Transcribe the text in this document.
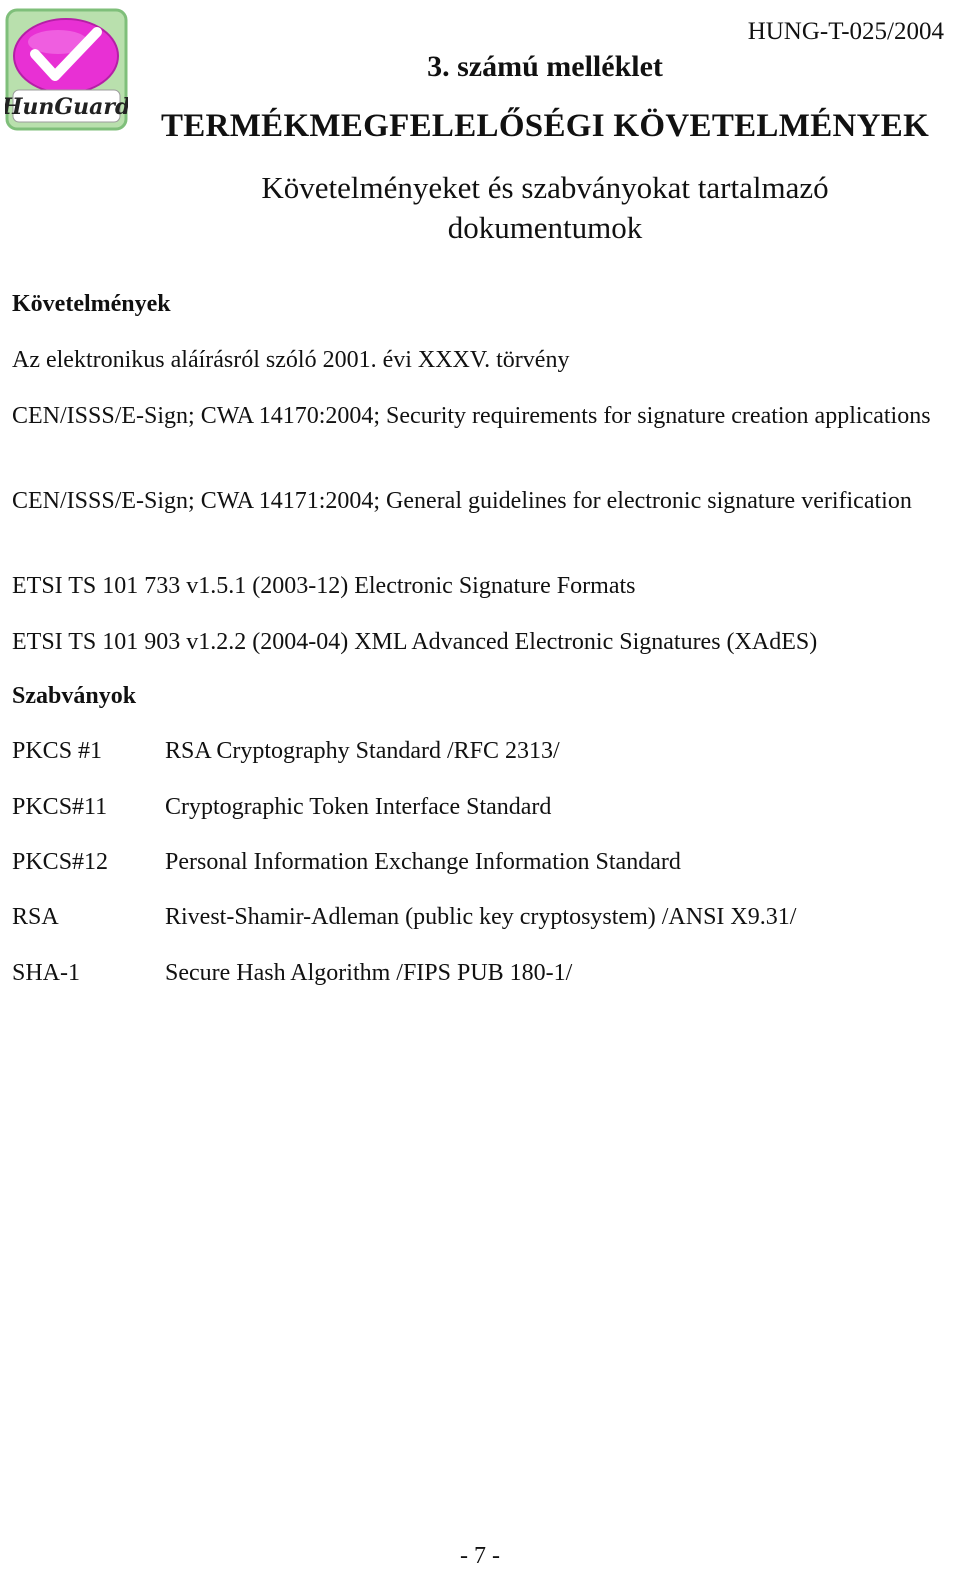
HunGuard
HUNG-T-025/2004
3. számú melléklet
TERMÉKMEGFELELŐSÉGI KÖVETELMÉNYEK
Követelményeket és szabványokat tartalmazó
dokumentumok
Követelmények
Az elektronikus aláírásról szóló 2001. évi XXXV. törvény
CEN/ISSS/E-Sign; CWA 14170:2004; Security requirements for signature creation applications
CEN/ISSS/E-Sign; CWA 14171:2004; General guidelines for electronic signature verification
ETSI TS 101 733 v1.5.1 (2003-12) Electronic Signature Formats
ETSI TS 101 903 v1.2.2 (2004-04) XML Advanced Electronic Signatures (XAdES)
Szabványok
PKCS #1	RSA Cryptography Standard /RFC 2313/
PKCS#11 Cryptographic Token Interface Standard
PKCS#12 Personal Information Exchange Information Standard
RSA	Rivest-Shamir-Adleman (public key cryptosystem) /ANSI X9.31/
SHA-1	Secure Hash Algorithm /FIPS PUB 180-1/
- 7 -
